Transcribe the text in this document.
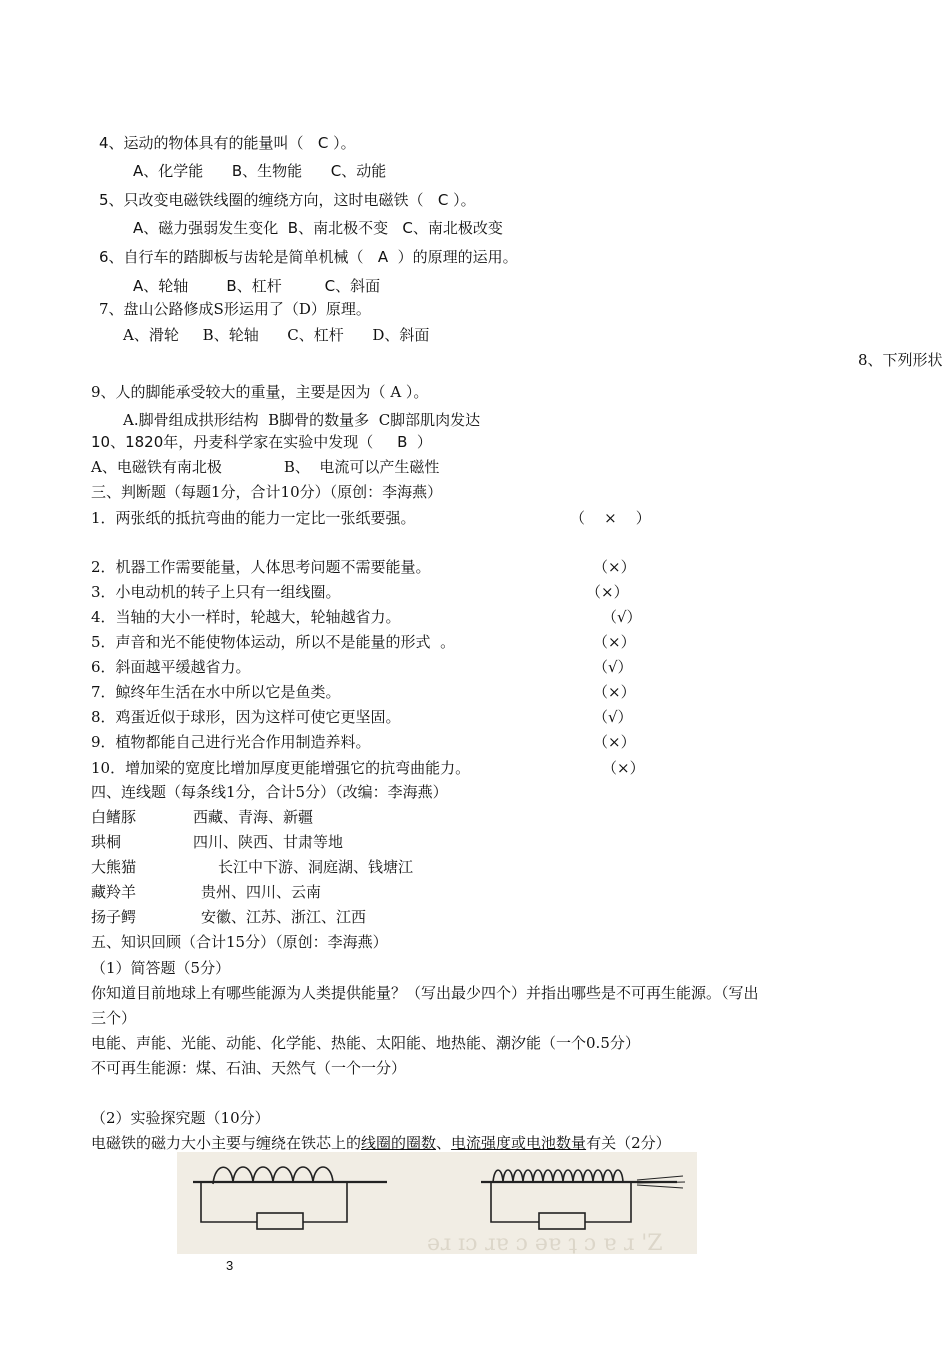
4、运动的物体具有的能量叫（   C ）。
A、化学能      B、生物能      C、动能
5、只改变电磁铁线圈的缠绕方向，这时电磁铁（   C ）。
A、磁力强弱发生变化  B、南北极不变   C、南北极改变
6、自行车的踏脚板与齿轮是简单机械（   A  ）的原理的运用。
A、轮轴        B、杠杆         C、斜面
7、盘山公路修成S形运用了（D）原理。
A、滑轮     B、轮轴      C、杠杆      D、斜面
8、下列形状
9、人的脚能承受较大的重量，主要是因为（ A ）。
A.脚骨组成拱形结构  B脚骨的数量多  C脚部肌肉发达
10、1820年，丹麦科学家在实验中发现（     B  ）
A、电磁铁有南北极             B、  电流可以产生磁性
三、判断题（每题1分，合计10分）（原创：李海燕）
1．两张纸的抵抗弯曲的能力一定比一张纸要强。	（    ×    ）
2．机器工作需要能量，人体思考问题不需要能量。	（×）
3．小电动机的转子上只有一组线圈。	（×）
4．当轴的大小一样时，轮越大，轮轴越省力。	（√）
5．声音和光不能使物体运动，所以不是能量的形式  。	（×）
6．斜面越平缓越省力。	（√）
7．鲸终年生活在水中所以它是鱼类。	（×）
8．鸡蛋近似于球形，因为这样可使它更坚固。	（√）
9．植物都能自己进行光合作用制造养料。	（×）
10．增加梁的宽度比增加厚度更能增强它的抗弯曲能力。	（×）
四、连线题（每条线1分，合计5分）（改编：李海燕）
白鳍豚	西藏、青海、新疆
珙桐	四川、陕西、甘肃等地
大熊猫	长江中下游、洞庭湖、钱塘江
藏羚羊	贵州、四川、云南
扬子鳄	安徽、江苏、浙江、江西
五、知识回顾（合计15分）（原创：李海燕）
（1）简答题（5分）
你知道目前地球上有哪些能源为人类提供能量？（写出最少四个）并指出哪些是不可再生能源。（写出
三个）
电能、声能、光能、动能、化学能、热能、太阳能、地热能、潮汐能（一个0.5分）
不可再生能源：煤、石油、天然气（一个一分）
（2）实验探究题（10分）
电磁铁的磁力大小主要与缠绕在铁芯上的线圈的圈数、电流强度或电池数量有关（2分）
ǝɹ ɪɔ ɹɐ ɔ ǝɐ ʇ ɔ ɐ ɹ 'Z
3
